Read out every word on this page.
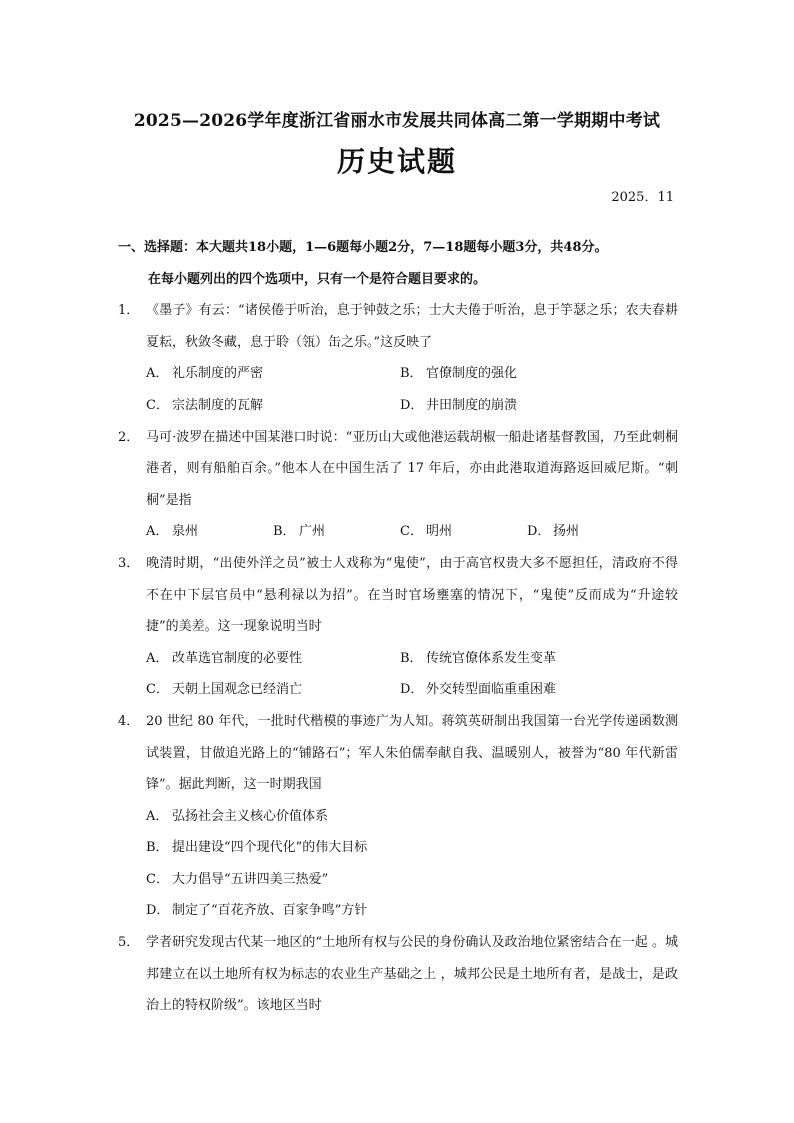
2025—2026学年度浙江省丽水市发展共同体高二第一学期期中考试
历史试题
2025．11
一、选择题：本大题共18小题，1—6题每小题2分，7—18题每小题3分，共48分。
在每小题列出的四个选项中，只有一个是符合题目要求的。
1． 《墨子》有云：“诸侯倦于听治，息于钟鼓之乐；士大夫倦于听治，息于竽瑟之乐；农夫春耕夏耘，秋敛冬藏，息于聆（瓴）缶之乐。”这反映了
A． 礼乐制度的严密	B． 官僚制度的强化
C． 宗法制度的瓦解	D． 井田制度的崩溃
2． 马可·波罗在描述中国某港口时说：“亚历山大或他港运载胡椒一船赴诸基督教国，乃至此刺桐港者，则有船舶百余。”他本人在中国生活了 17 年后，亦由此港取道海路返回威尼斯。“刺桐”是指
A． 泉州	B． 广州	C． 明州	D． 扬州
3． 晚清时期，“出使外洋之员”被士人戏称为“鬼使”，由于高官权贵大多不愿担任，清政府不得不在中下层官员中“悬利禄以为招”。在当时官场壅塞的情况下，“鬼使”反而成为“升途较捷”的美差。这一现象说明当时
A． 改革选官制度的必要性	B． 传统官僚体系发生变革
C． 天朝上国观念已经消亡	D． 外交转型面临重重困难
4． 20 世纪 80 年代，一批时代楷模的事迹广为人知。蒋筑英研制出我国第一台光学传递函数测试装置，甘做追光路上的“铺路石”；军人朱伯儒奉献自我、温暖别人，被誉为“80 年代新雷锋”。据此判断，这一时期我国
A． 弘扬社会主义核心价值体系
B． 提出建设“四个现代化”的伟大目标
C． 大力倡导“五讲四美三热爱”
D． 制定了“百花齐放、百家争鸣”方针
5． 学者研究发现古代某一地区的“土地所有权与公民的身份确认及政治地位紧密结合在一起 。城邦建立在以土地所有权为标志的农业生产基础之上 ，城邦公民是土地所有者，是战士，是政治上的特权阶级”。该地区当时
